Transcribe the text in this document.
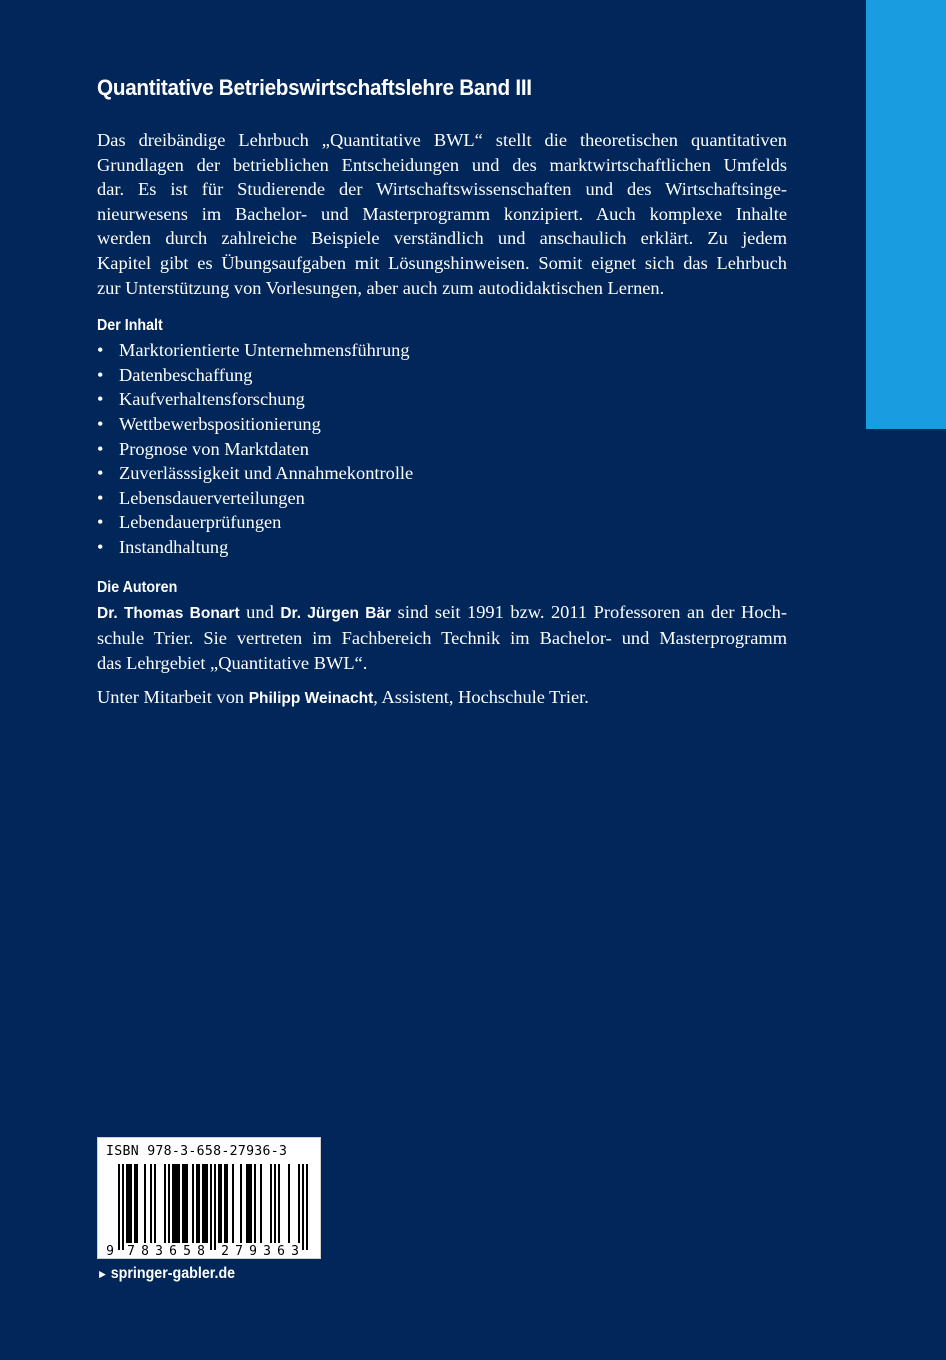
Quantitative Betriebswirtschaftslehre Band III
Das dreibändige Lehrbuch „Quantitative BWL“ stellt die theoretischen quantitativen
Grundlagen der betrieblichen Entscheidungen und des marktwirtschaftlichen Umfelds
dar. Es ist für Studierende der Wirtschaftswissenschaften und des Wirtschaftsinge-
nieurwesens im Bachelor- und Masterprogramm konzipiert. Auch komplexe Inhalte
werden durch zahlreiche Beispiele verständlich und anschaulich erklärt. Zu jedem
Kapitel gibt es Übungsaufgaben mit Lösungshinweisen. Somit eignet sich das Lehrbuch
zur Unterstützung von Vorlesungen, aber auch zum autodidaktischen Lernen.
Der Inhalt
• Marktorientierte Unternehmensführung
• Datenbeschaffung
• Kaufverhaltensforschung
• Wettbewerbspositionierung
• Prognose von Marktdaten
• Zuverlässsigkeit und Annahmekontrolle
• Lebensdauerverteilungen
• Lebendauerprüfungen
• Instandhaltung
Die Autoren
Dr. Thomas Bonart und Dr. Jürgen Bär sind seit 1991 bzw. 2011 Professoren an der Hoch-
schule Trier. Sie vertreten im Fachbereich Technik im Bachelor- und Masterprogramm
das Lehrgebiet „Quantitative BWL“.
Unter Mitarbeit von Philipp Weinacht, Assistent, Hochschule Trier.
9 7 8 3 6 5 8 2 7 9 3 6 3
ISBN 978-3-658-27936-3
► springer-gabler.de
